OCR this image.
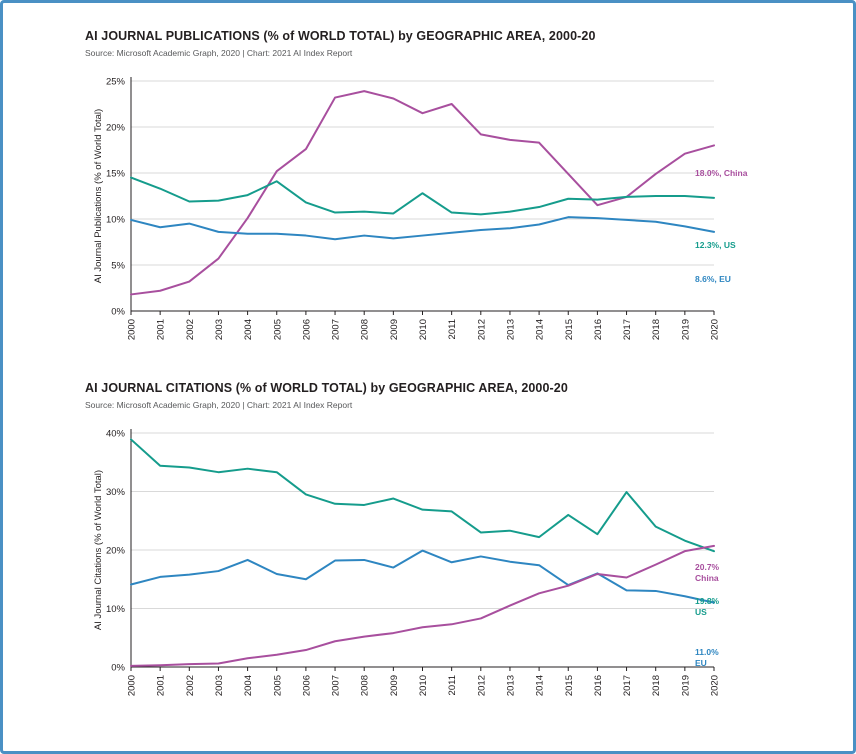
AI JOURNAL PUBLICATIONS (% of WORLD TOTAL) by GEOGRAPHIC AREA, 2000-20
Source: Microsoft Academic Graph, 2020 | Chart: 2021 AI Index Report
AI Journal Publications (% of World Total)
0%
5%
10%
15%
20%
25%
2000 2001 2002 2003 2004 2005 2006 2007 2008 2009 2010 2011 2012 2013 2014 2015 2016 2017 2018 2019 2020
18.0%, China
12.3%, US
8.6%, EU
AI JOURNAL CITATIONS (% of WORLD TOTAL) by GEOGRAPHIC AREA, 2000-20
Source: Microsoft Academic Graph, 2020 | Chart: 2021 AI Index Report
AI Journal Citations (% of World Total)
0%
10%
20%
30%
40%
2000 2001 2002 2003 2004 2005 2006 2007 2008 2009 2010 2011 2012 2013 2014 2015 2016 2017 2018 2019 2020
20.7%
China
19.8%
US
11.0%
EU
